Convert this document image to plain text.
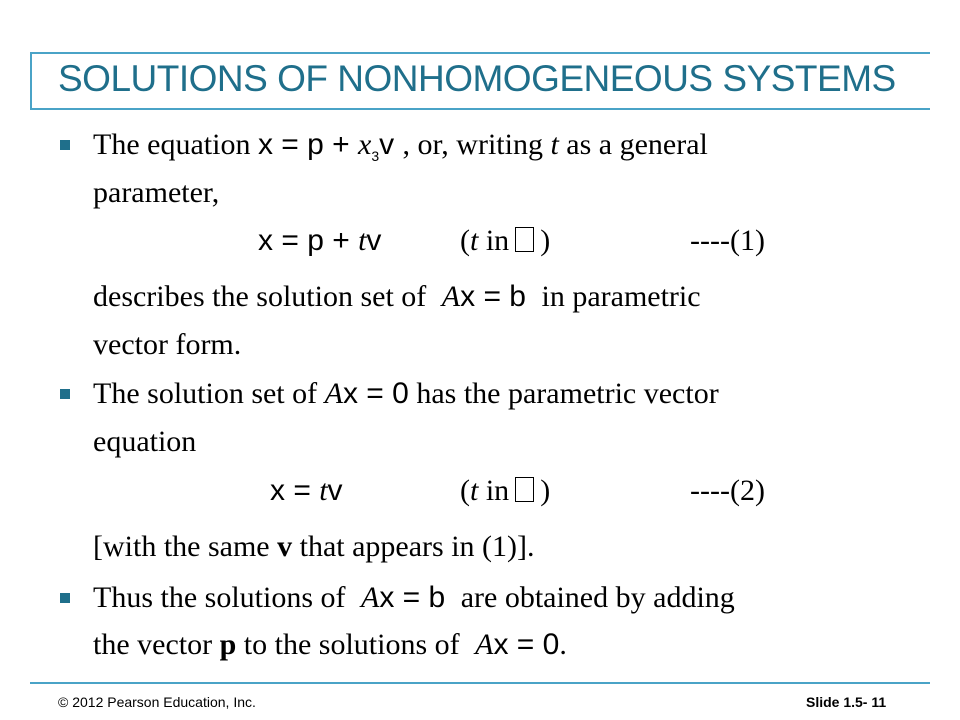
SOLUTIONS OF NONHOMOGENEOUS SYSTEMS
The equation $x = p + x_3v$ , or, writing t as a general
parameter,
x = p + tv	(t in )	----(1)
describes the solution set of Ax = b in parametric
vector form.
The solution set of Ax = 0 has the parametric vector
equation
x = tv	(t in )	----(2)
[with the same v that appears in (1)].
Thus the solutions of Ax = b are obtained by adding
the vector p to the solutions of Ax = 0.
© 2012 Pearson Education, Inc.	Slide 1.5- 11
